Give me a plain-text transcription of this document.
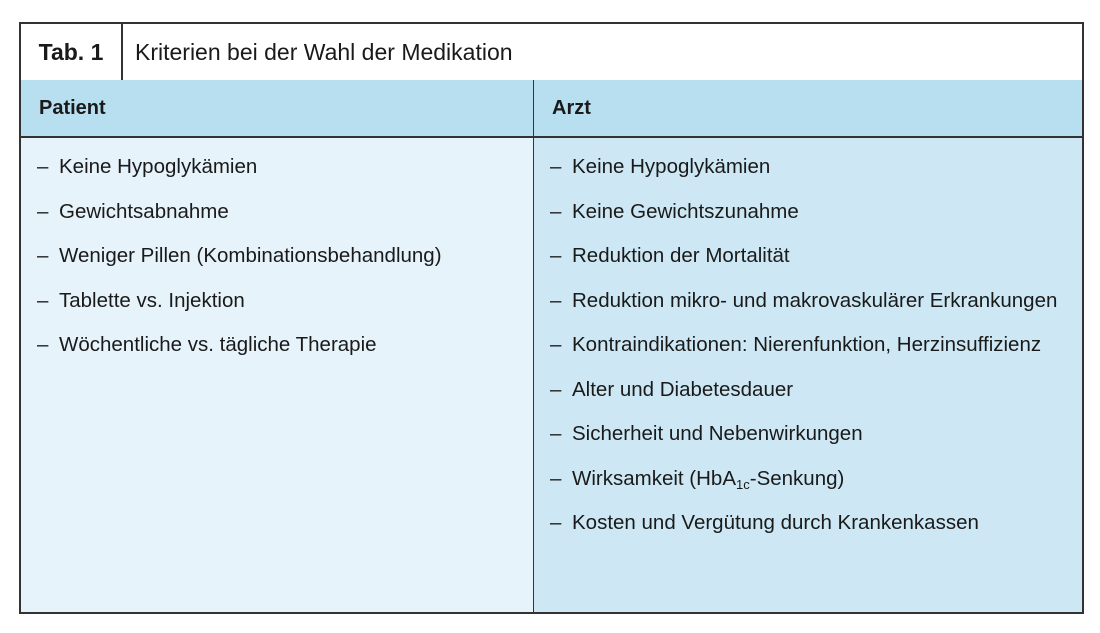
Tab. 1	Kriterien bei der Wahl der Medikation
Patient	Arzt
– Keine Hypoglykämien
– Gewichtsabnahme
– Weniger Pillen (Kombinationsbehandlung)
– Tablette vs. Injektion
– Wöchentliche vs. tägliche Therapie
– Keine Hypoglykämien
– Keine Gewichtszunahme
– Reduktion der Mortalität
– Reduktion mikro- und makrovaskulärer Erkrankungen
– Kontraindikationen: Nierenfunktion, Herzinsuffizienz
– Alter und Diabetesdauer
– Sicherheit und Nebenwirkungen
– Wirksamkeit (HbA$_{1c}$-Senkung)
– Kosten und Vergütung durch Krankenkassen
